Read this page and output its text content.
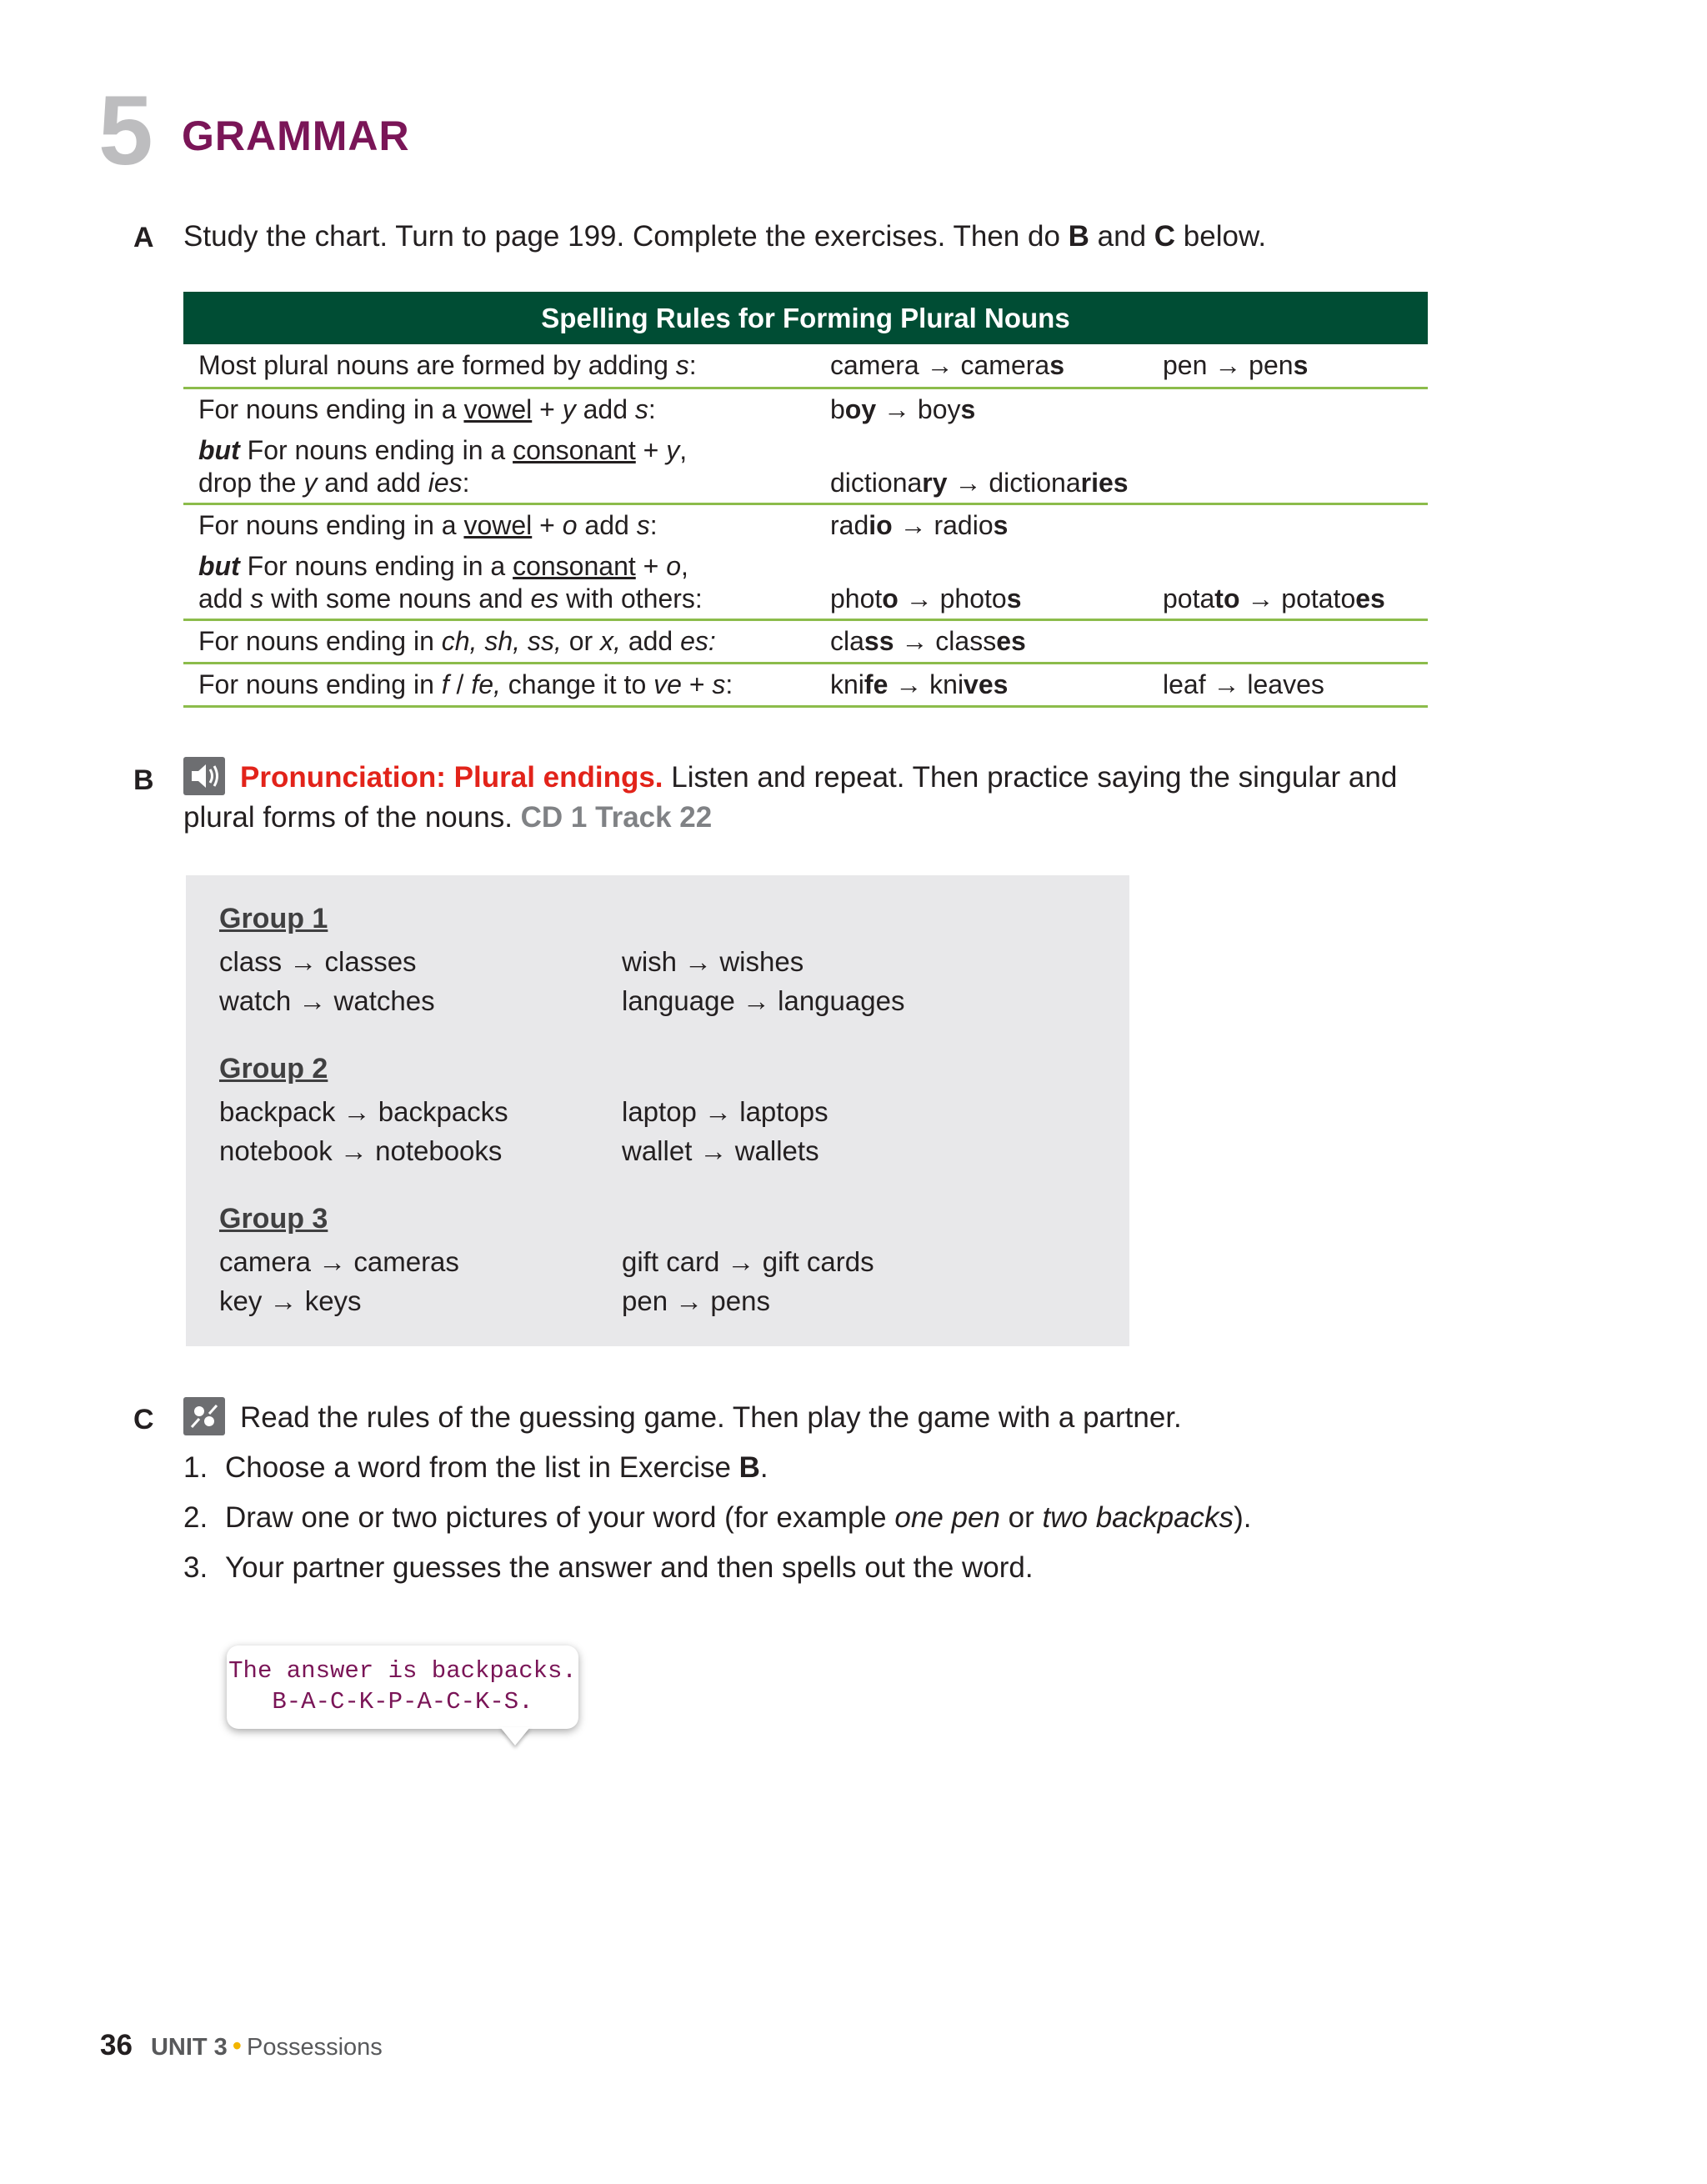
5 GRAMMAR
A Study the chart. Turn to page 199. Complete the exercises. Then do B and C below.
Spelling Rules for Forming Plural Nouns
Most plural nouns are formed by adding s:	camera → cameras	pen → pens
For nouns ending in a vowel + y add s:	boy → boys
but For nouns ending in a consonant + y,
drop the y and add ies:	dictionary → dictionaries
For nouns ending in a vowel + o add s:	radio → radios
but For nouns ending in a consonant + o,
add s with some nouns and es with others:	photo → photos	potato → potatoes
For nouns ending in ch, sh, ss, or x, add es:	class → classes
For nouns ending in f / fe, change it to ve + s:	knife → knives	leaf → leaves
B	Pronunciation: Plural endings. Listen and repeat. Then practice saying the singular and plural forms of the nouns. CD 1 Track 22
Group 1
class → classes	wish → wishes
watch → watches	language → languages
Group 2
backpack → backpacks	laptop → laptops
notebook → notebooks	wallet → wallets
Group 3
camera → cameras	gift card → gift cards
key → keys	pen → pens
C	Read the rules of the guessing game. Then play the game with a partner.
1. Choose a word from the list in Exercise B.
2. Draw one or two pictures of your word (for example one pen or two backpacks).
3. Your partner guesses the answer and then spells out the word.
The answer is backpacks.
B-A-C-K-P-A-C-K-S.
36 UNIT 3 • Possessions
